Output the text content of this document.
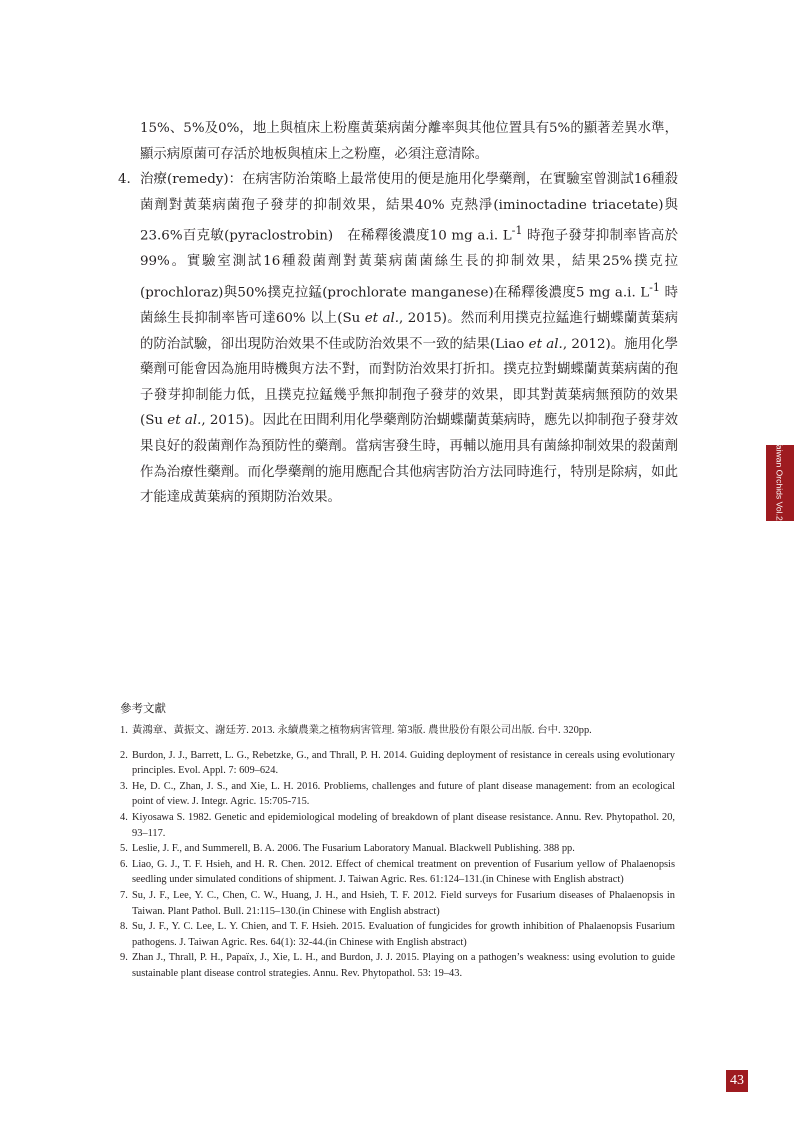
15%、5%及0%，地上與植床上粉塵黃葉病菌分離率與其他位置具有5%的顯著差異水準，顯示病原菌可存活於地板與植床上之粉塵，必須注意清除。

4. 治療(remedy)：在病害防治策略上最常使用的便是施用化學藥劑，在實驗室曾測試16種殺菌劑對黃葉病菌孢子發芽的抑制效果，結果40% 克熱淨(iminoctadine triacetate)與23.6%百克敏(pyraclostrobin)　在稀釋後濃度10 mg a.i. $L^{-1}$ 時孢子發芽抑制率皆高於99%。實驗室測試16種殺菌劑對黃葉病菌菌絲生長的抑制效果，結果25%撲克拉(prochloraz)與50%撲克拉錳(prochlorate manganese)在稀釋後濃度5 mg a.i. $L^{-1}$ 時菌絲生長抑制率皆可達60% 以上(Su et al., 2015)。然而利用撲克拉錳進行蝴蝶蘭黃葉病的防治試驗，卻出現防治效果不佳或防治效果不一致的結果(Liao et al., 2012)。施用化學藥劑可能會因為施用時機與方法不對，而對防治效果打折扣。撲克拉對蝴蝶蘭黃葉病菌的孢子發芽抑制能力低，且撲克拉錳幾乎無抑制孢子發芽的效果，即其對黃葉病無預防的效果(Su et al., 2015)。因此在田間利用化學藥劑防治蝴蝶蘭黃葉病時，應先以抑制孢子發芽效果良好的殺菌劑作為預防性的藥劑。當病害發生時，再輔以施用具有菌絲抑制效果的殺菌劑作為治療性藥劑。而化學藥劑的施用應配合其他病害防治方法同時進行，特別是除病，如此才能達成黃葉病的預期防治效果。

參考文獻
1. 黃鴻章、黃振文、謝廷芳. 2013. 永續農業之植物病害管理. 第3版. 農世股份有限公司出版. 台中. 320pp.
2. Burdon, J. J., Barrett, L. G., Rebetzke, G., and Thrall, P. H. 2014. Guiding deployment of resistance in cereals using evolutionary principles. Evol. Appl. 7: 609–624.
3. He, D. C., Zhan, J. S., and Xie, L. H. 2016. Probliems, challenges and future of plant disease management: from an ecological point of view. J. Integr. Agric. 15:705-715.
4. Kiyosawa S. 1982. Genetic and epidemiological modeling of breakdown of plant disease resistance. Annu. Rev. Phytopathol. 20, 93–117.
5. Leslie, J. F., and Summerell, B. A. 2006. The Fusarium Laboratory Manual. Blackwell Publishing. 388 pp.
6. Liao, G. J., T. F. Hsieh, and H. R. Chen. 2012. Effect of chemical treatment on prevention of Fusarium yellow of Phalaenopsis seedling under simulated conditions of shipment. J. Taiwan Agric. Res. 61:124–131.(in Chinese with English abstract)
7. Su, J. F., Lee, Y. C., Chen, C. W., Huang, J. H., and Hsieh, T. F. 2012. Field surveys for Fusarium diseases of Phalaenopsis in Taiwan. Plant Pathol. Bull. 21:115–130.(in Chinese with English abstract)
8. Su, J. F., Y. C. Lee, L. Y. Chien, and T. F. Hsieh. 2015. Evaluation of fungicides for growth inhibition of Phalaenopsis Fusarium pathogens. J. Taiwan Agric. Res. 64(1): 32-44.(in Chinese with English abstract)
9. Zhan J., Thrall, P. H., Papaïx, J., Xie, L. H., and Burdon, J. J. 2015. Playing on a pathogen’s weakness: using evolution to guide sustainable plant disease control strategies. Annu. Rev. Phytopathol. 53: 19–43.
Taiwan Orchids Vol.23
43
